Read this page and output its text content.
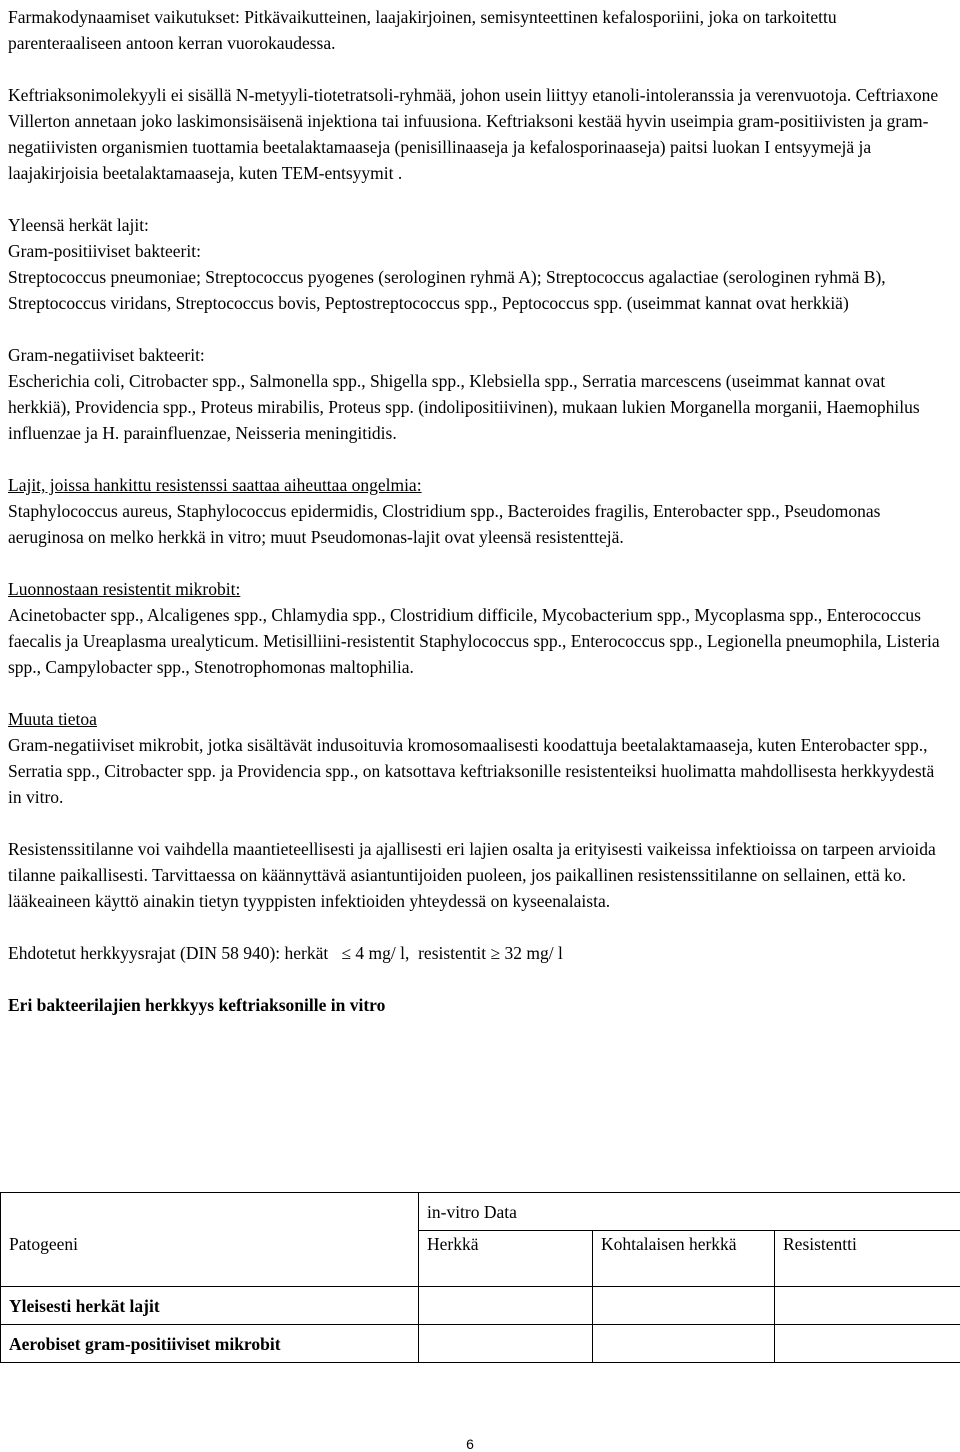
Farmakodynaamiset vaikutukset: Pitkävaikutteinen, laajakirjoinen, semisynteettinen kefalosporiini, joka on tarkoitettu parenteraaliseen antoon kerran vuorokaudessa.

Keftriaksonimolekyyli ei sisällä N-metyyli-tiotetratsoli-ryhmää, johon usein liittyy etanoli-intoleranssia ja verenvuotoja. Ceftriaxone Villerton annetaan joko laskimonsisäisenä injektiona tai infuusiona. Keftriaksoni kestää hyvin useimpia gram-positiivisten ja gram-negatiivisten organismien tuottamia beetalaktamaaseja (penisillinaaseja ja kefalosporinaaseja) paitsi luokan I entsyymejä ja laajakirjoisia beetalaktamaaseja, kuten TEM-entsyymit .

Yleensä herkät lajit:

Gram-positiiviset bakteerit:

Streptococcus pneumoniae; Streptococcus pyogenes (serologinen ryhmä A); Streptococcus agalactiae (serologinen ryhmä B), Streptococcus viridans, Streptococcus bovis, Peptostreptococcus spp., Peptococcus spp. (useimmat kannat ovat herkkiä)

Gram-negatiiviset bakteerit:

Escherichia coli, Citrobacter spp., Salmonella spp., Shigella spp., Klebsiella spp., Serratia marcescens (useimmat kannat ovat herkkiä), Providencia spp., Proteus mirabilis, Proteus spp. (indolipositiivinen), mukaan lukien Morganella morganii, Haemophilus influenzae ja H. parainfluenzae, Neisseria meningitidis.

Lajit, joissa hankittu resistenssi saattaa aiheuttaa ongelmia:

Staphylococcus aureus, Staphylococcus epidermidis, Clostridium spp., Bacteroides fragilis, Enterobacter spp., Pseudomonas aeruginosa on melko herkkä in vitro; muut Pseudomonas-lajit ovat yleensä resistenttejä.

Luonnostaan resistentit mikrobit:

Acinetobacter spp., Alcaligenes spp., Chlamydia spp., Clostridium difficile, Mycobacterium spp., Mycoplasma spp., Enterococcus faecalis ja Ureaplasma urealyticum. Metisilliini-resistentit Staphylococcus spp., Enterococcus spp., Legionella pneumophila, Listeria spp., Campylobacter spp., Stenotrophomonas maltophilia.

Muuta tietoa

Gram-negatiiviset mikrobit, jotka sisältävät indusoituvia kromosomaalisesti koodattuja beetalaktamaaseja, kuten Enterobacter spp., Serratia spp., Citrobacter spp. ja Providencia spp., on katsottava keftriaksonille resistenteiksi huolimatta mahdollisesta herkkyydestä in vitro.

Resistenssitilanne voi vaihdella maantieteellisesti ja ajallisesti eri lajien osalta ja erityisesti vaikeissa infektioissa on tarpeen arvioida tilanne paikallisesti. Tarvittaessa on käännyttävä asiantuntijoiden puoleen, jos paikallinen resistenssitilanne on sellainen, että ko. lääkeaineen käyttö ainakin tietyn tyyppisten infektioiden yhteydessä on kyseenalaista.

Ehdotetut herkkyysrajat (DIN 58 940): herkät ≤ 4 mg/ l, resistentit ≥ 32 mg/ l

Eri bakteerilajien herkkyys keftriaksonille in vitro

	in-vitro Data		
Patogeeni	Herkkä	Kohtalaisen herkkä	Resistentti
Yleisesti herkät lajit			
Aerobiset gram-positiiviset mikrobit			
6
